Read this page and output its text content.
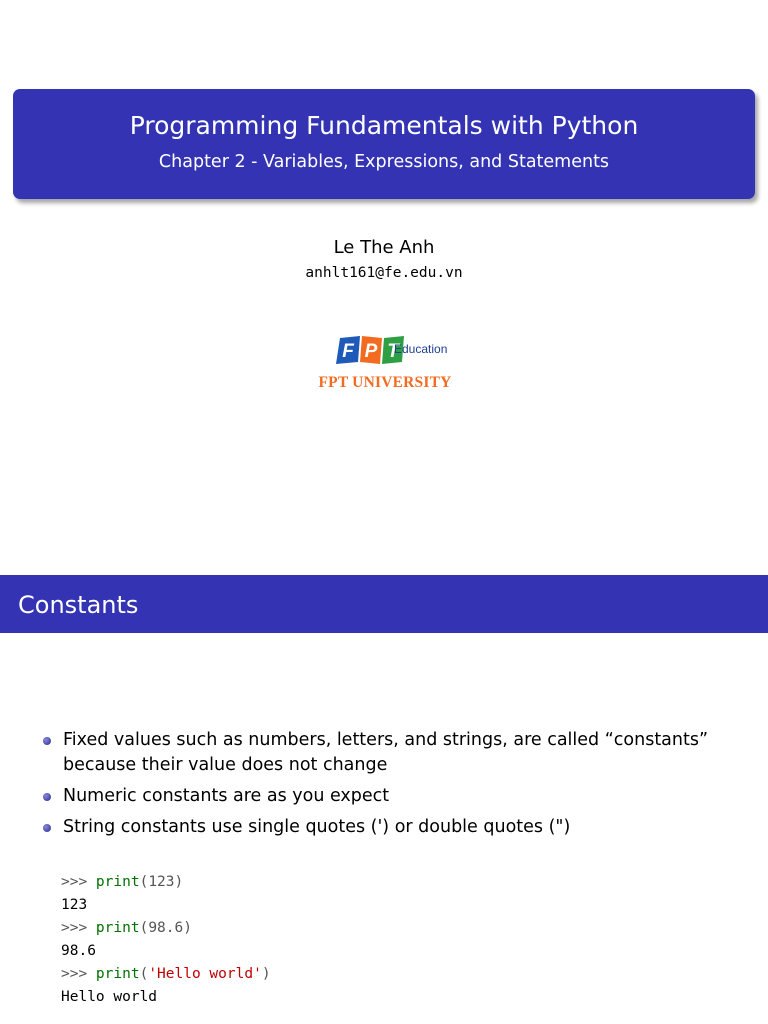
Programming Fundamentals with Python
Chapter 2 - Variables, Expressions, and Statements
Le The Anh
anhlt161@fe.edu.vn
F P T
Education
FPT UNIVERSITY
Constants
Fixed values such as numbers, letters, and strings, are called “constants” because their value does not change
Numeric constants are as you expect
String constants use single quotes (') or double quotes (")
>>> print(123)
123
>>> print(98.6)
98.6
>>> print('Hello world')
Hello world
